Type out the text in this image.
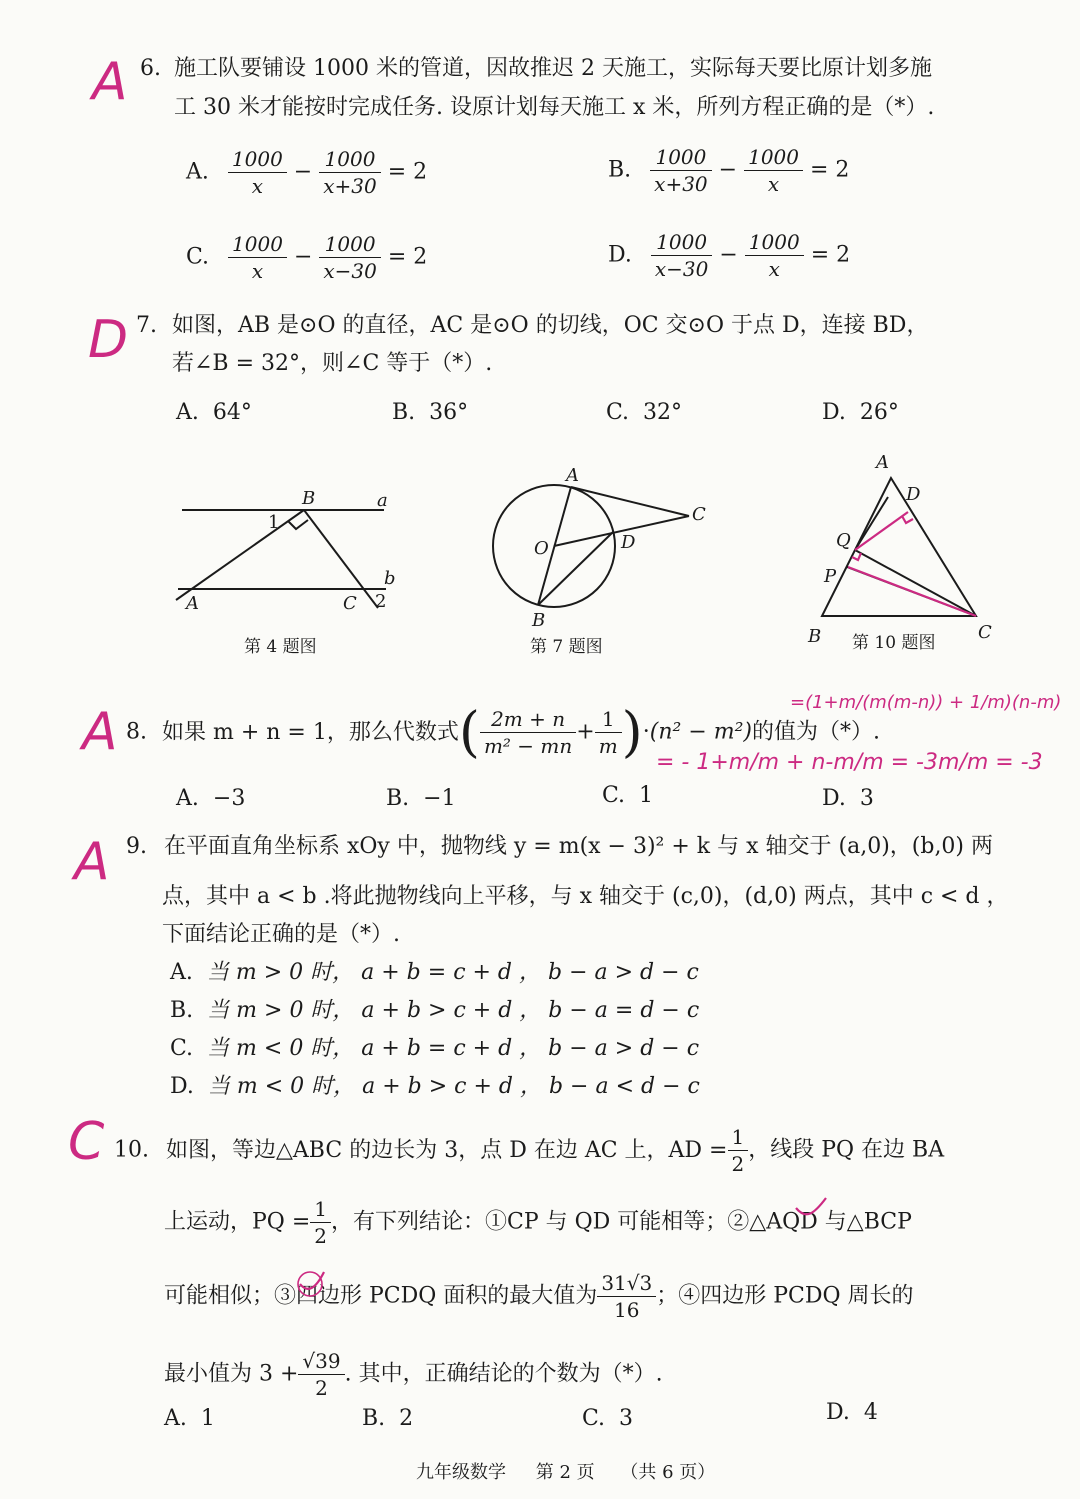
A
D
A
A
C
6. 施工队要铺设 1000 米的管道，因故推迟 2 天施工，实际每天要比原计划多施
工 30 米才能按时完成任务. 设原计划每天施工 x 米，所列方程正确的是（*）.
A. $\frac{1000}{x} - \frac{1000}{x+30} = 2$	B. $\frac{1000}{x+30} - \frac{1000}{x} = 2$
C. $\frac{1000}{x} - \frac{1000}{x-30} = 2$	D. $\frac{1000}{x-30} - \frac{1000}{x} = 2$
7. 如图，AB 是⊙O 的直径，AC 是⊙O 的切线，OC 交⊙O 于点 D，连接 BD，
若∠B = 32°，则∠C 等于（*）.
A. 64°	B. 36°	C. 32°	D. 26°
B	a
1
b
A	C 2
第 4 题图
A
C
O	D
B
第 7 题图
A
D
Q
P
B	C
第 10 题图
8. 如果 m + n = 1，那么代数式( $\frac{2m + n}{\text{m² − mn}} + \frac{1}{m} )\cdot(n^2 - m^2)$的值为（*）.
=(1+m/(m(m-n)) + 1/m)(n-m)
= - 1+m/m + n-m/m = -3m/m = -3
A. −3	B. −1	C. 1	D. 3
9. 在平面直角坐标系 xOy 中，抛物线 y = m(x − 3)² + k 与 x 轴交于 (a,0)，(b,0) 两
点，其中 a < b .将此抛物线向上平移，与 x 轴交于 (c,0)，(d,0) 两点，其中 c < d ，
下面结论正确的是（*）.
A. 当 m > 0 时， a + b = c + d ， b − a > d − c
B. 当 m > 0 时， a + b > c + d ， b − a = d − c
C. 当 m < 0 时， a + b = c + d ， b − a > d − c
D. 当 m < 0 时， a + b > c + d ， b − a < d − c
10. 如图，等边△ABC 的边长为 3，点 D 在边 AC 上，AD = $\frac{1}{2}$ ，线段 PQ 在边 BA
上运动，PQ = $\frac{1}{2}$ ，有下列结论：①CP 与 QD 可能相等；②△AQD 与△BCP
可能相似；③四边形 PCDQ 面积的最大值为 $\frac{31√3}{16}$ ；④四边形 PCDQ 周长的
最小值为 $3 + \frac{√39}{2}$ . 其中，正确结论的个数为（*）.
A. 1	B. 2	C. 3	D. 4
九年级数学 第 2 页 （共 6 页）
